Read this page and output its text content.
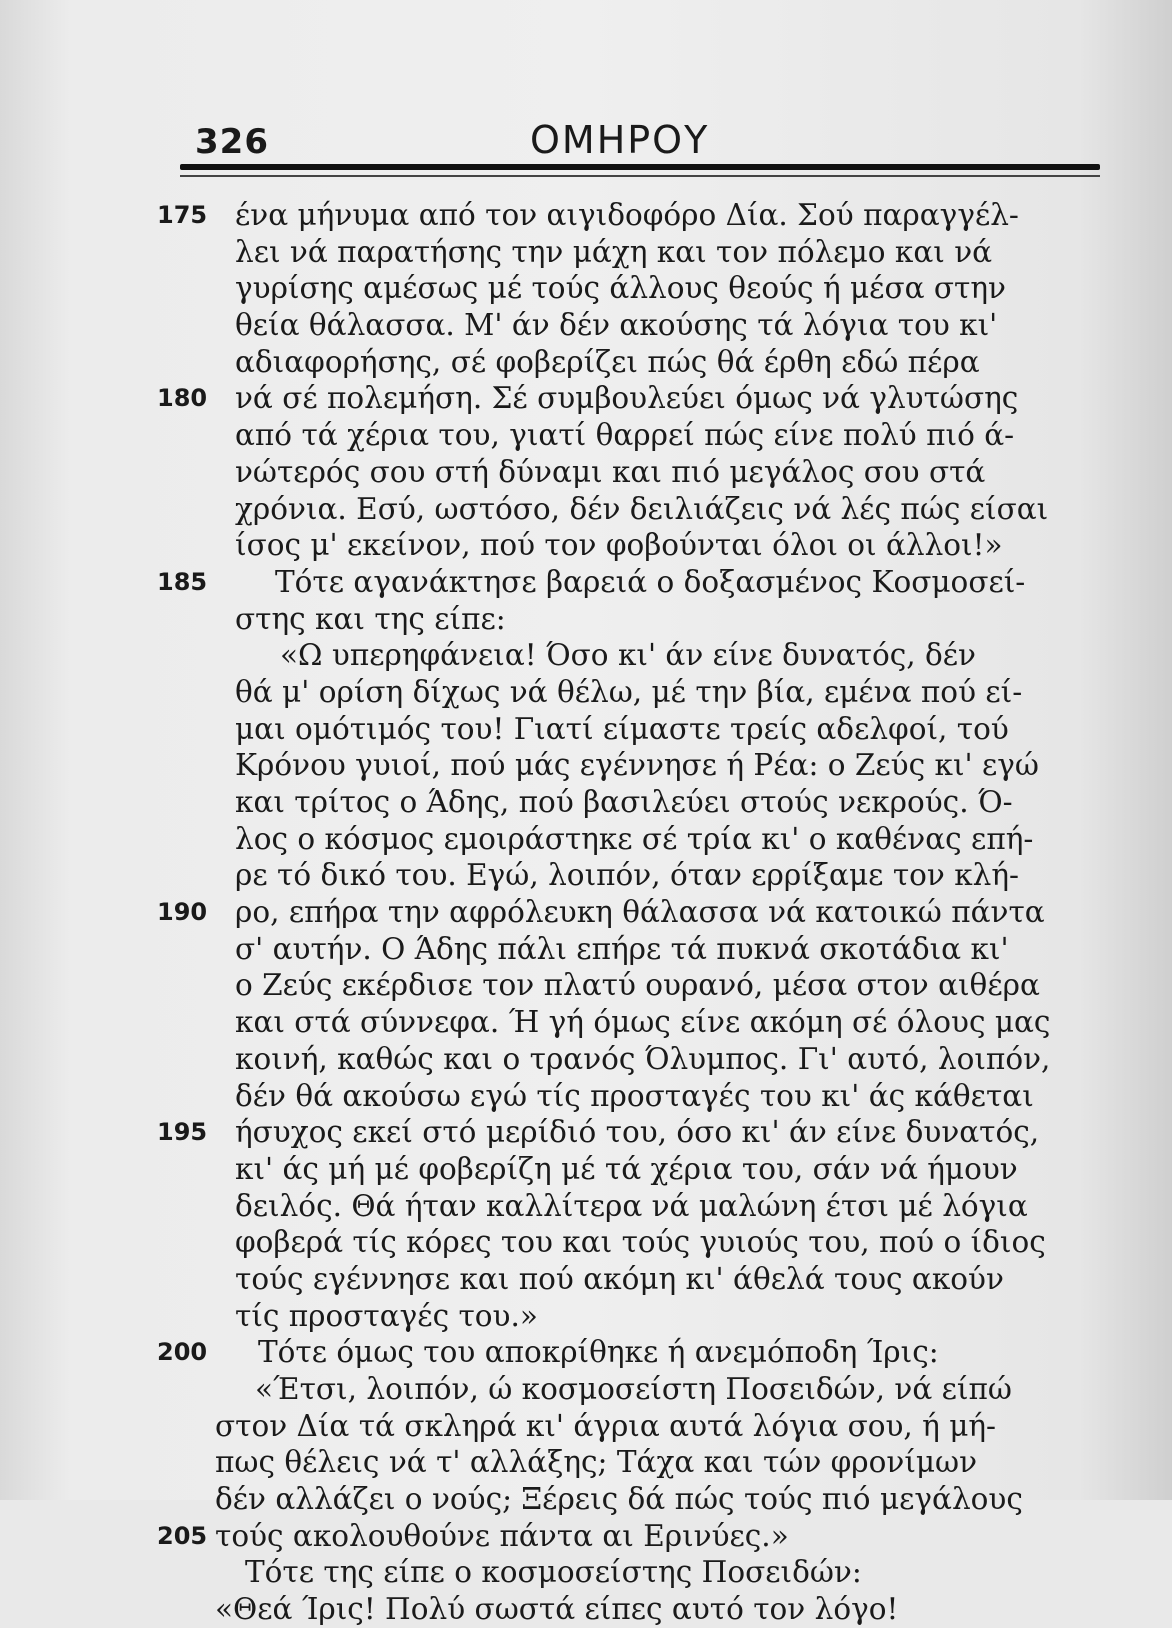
326	ΟΜΗΡΟΥ
175 ένα μήνυμα από τον αιγιδοφόρο Δία. Σού παραγγέλ-
λει νά παρατήσης την μάχη και τον πόλεμο και νά
γυρίσης αμέσως μέ τούς άλλους θεούς ή μέσα στην
θεία θάλασσα. Μ' άν δέν ακούσης τά λόγια του κι'
αδιαφορήσης, σέ φοβερίζει πώς θά έρθη εδώ πέρα
180 νά σέ πολεμήση. Σέ συμβουλεύει όμως νά γλυτώσης
από τά χέρια του, γιατί θαρρεί πώς είνε πολύ πιό ά-
νώτερός σου στή δύναμι και πιό μεγάλος σου στά
χρόνια. Εσύ, ωστόσο, δέν δειλιάζεις νά λές πώς είσαι
ίσος μ' εκείνον, πού τον φοβούνται όλοι οι άλλοι!»
185	Τότε αγανάκτησε βαρειά ο δοξασμένος Κοσμοσεί-
στης και της είπε:
«Ω υπερηφάνεια! Όσο κι' άν είνε δυνατός, δέν
θά μ' ορίση δίχως νά θέλω, μέ την βία, εμένα πού εί-
μαι ομότιμός του! Γιατί είμαστε τρείς αδελφοί, τού
Κρόνου γυιοί, πού μάς εγέννησε ή Ρέα: ο Ζεύς κι' εγώ
και τρίτος ο Άδης, πού βασιλεύει στούς νεκρούς. Ό-
λος ο κόσμος εμοιράστηκε σέ τρία κι' ο καθένας επή-
ρε τό δικό του. Εγώ, λοιπόν, όταν ερρίξαμε τον κλή-
190 ρο, επήρα την αφρόλευκη θάλασσα νά κατοικώ πάντα
σ' αυτήν. Ο Άδης πάλι επήρε τά πυκνά σκοτάδια κι'
ο Ζεύς εκέρδισε τον πλατύ ουρανό, μέσα στον αιθέρα
και στά σύννεφα. Ή γή όμως είνε ακόμη σέ όλους μας
κοινή, καθώς και ο τρανός Όλυμπος. Γι' αυτό, λοιπόν,
δέν θά ακούσω εγώ τίς προσταγές του κι' άς κάθεται
195 ήσυχος εκεί στό μερίδιό του, όσο κι' άν είνε δυνατός,
κι' άς μή μέ φοβερίζη μέ τά χέρια του, σάν νά ήμουν
δειλός. Θά ήταν καλλίτερα νά μαλώνη έτσι μέ λόγια
φοβερά τίς κόρες του και τούς γυιούς του, πού ο ίδιος
τούς εγέννησε και πού ακόμη κι' άθελά τους ακούν
τίς προσταγές του.»
200	Τότε όμως του αποκρίθηκε ή ανεμόποδη Ίρις:
«Έτσι, λοιπόν, ώ κοσμοσείστη Ποσειδών, νά είπώ
στον Δία τά σκληρά κι' άγρια αυτά λόγια σου, ή μή-
πως θέλεις νά τ' αλλάξης; Τάχα και τών φρονίμων
δέν αλλάζει ο νούς; Ξέρεις δά πώς τούς πιό μεγάλους
205 τούς ακολουθούνε πάντα αι Ερινύες.»
Τότε της είπε ο κοσμοσείστης Ποσειδών:
«Θεά Ίρις! Πολύ σωστά είπες αυτό τον λόγο!
